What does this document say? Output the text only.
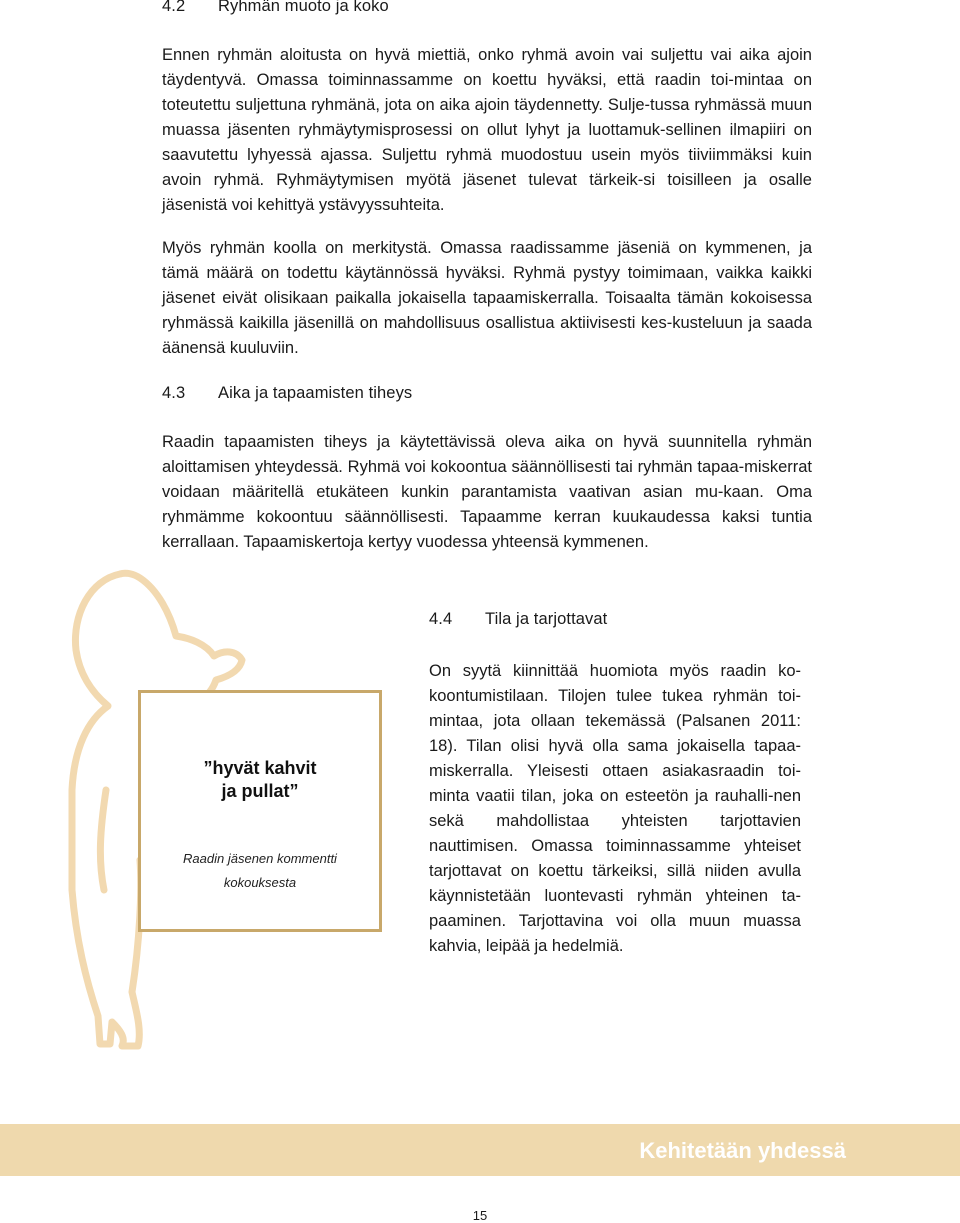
4.2 Ryhmän muoto ja koko

Ennen ryhmän aloitusta on hyvä miettiä, onko ryhmä avoin vai suljettu vai aika ajoin täydentyvä. Omassa toiminnassamme on koettu hyväksi, että raadin toi-mintaa on toteutettu suljettuna ryhmänä, jota on aika ajoin täydennetty. Sulje-tussa ryhmässä muun muassa jäsenten ryhmäytymisprosessi on ollut lyhyt ja luottamuk-sellinen ilmapiiri on saavutettu lyhyessä ajassa. Suljettu ryhmä muodostuu usein myös tiiviimmäksi kuin avoin ryhmä. Ryhmäytymisen myötä jäsenet tulevat tärkeik-si toisilleen ja osalle jäsenistä voi kehittyä ystävyyssuhteita.

Myös ryhmän koolla on merkitystä. Omassa raadissamme jäseniä on kymmenen, ja tämä määrä on todettu käytännössä hyväksi. Ryhmä pystyy toimimaan, vaikka kaikki jäsenet eivät olisikaan paikalla jokaisella tapaamiskerralla. Toisaalta tämän kokoisessa ryhmässä kaikilla jäsenillä on mahdollisuus osallistua aktiivisesti kes-kusteluun ja saada äänensä kuuluviin.

4.3 Aika ja tapaamisten tiheys

Raadin tapaamisten tiheys ja käytettävissä oleva aika on hyvä suunnitella ryhmän aloittamisen yhteydessä. Ryhmä voi kokoontua säännöllisesti tai ryhmän tapaa-miskerrat voidaan määritellä etukäteen kunkin parantamista vaativan asian mu-kaan. Oma ryhmämme kokoontuu säännöllisesti. Tapaamme kerran kuukaudessa kaksi tuntia kerrallaan. Tapaamiskertoja kertyy vuodessa yhteensä kymmenen.

”hyvät kahvit
ja pullat”
Raadin jäsenen kommentti
kokouksesta
4.4 Tila ja tarjottavat

On syytä kiinnittää huomiota myös raadin ko-koontumistilaan. Tilojen tulee tukea ryhmän toi-mintaa, jota ollaan tekemässä (Palsanen 2011: 18). Tilan olisi hyvä olla sama jokaisella tapaa-miskerralla. Yleisesti ottaen asiakasraadin toi-minta vaatii tilan, joka on esteetön ja rauhalli-nen sekä mahdollistaa yhteisten tarjottavien nauttimisen. Omassa toiminnassamme yhteiset tarjottavat on koettu tärkeiksi, sillä niiden avulla käynnistetään luontevasti ryhmän yhteinen ta-paaminen. Tarjottavina voi olla muun muassa kahvia, leipää ja hedelmiä.

Kehitetään yhdessä
15
